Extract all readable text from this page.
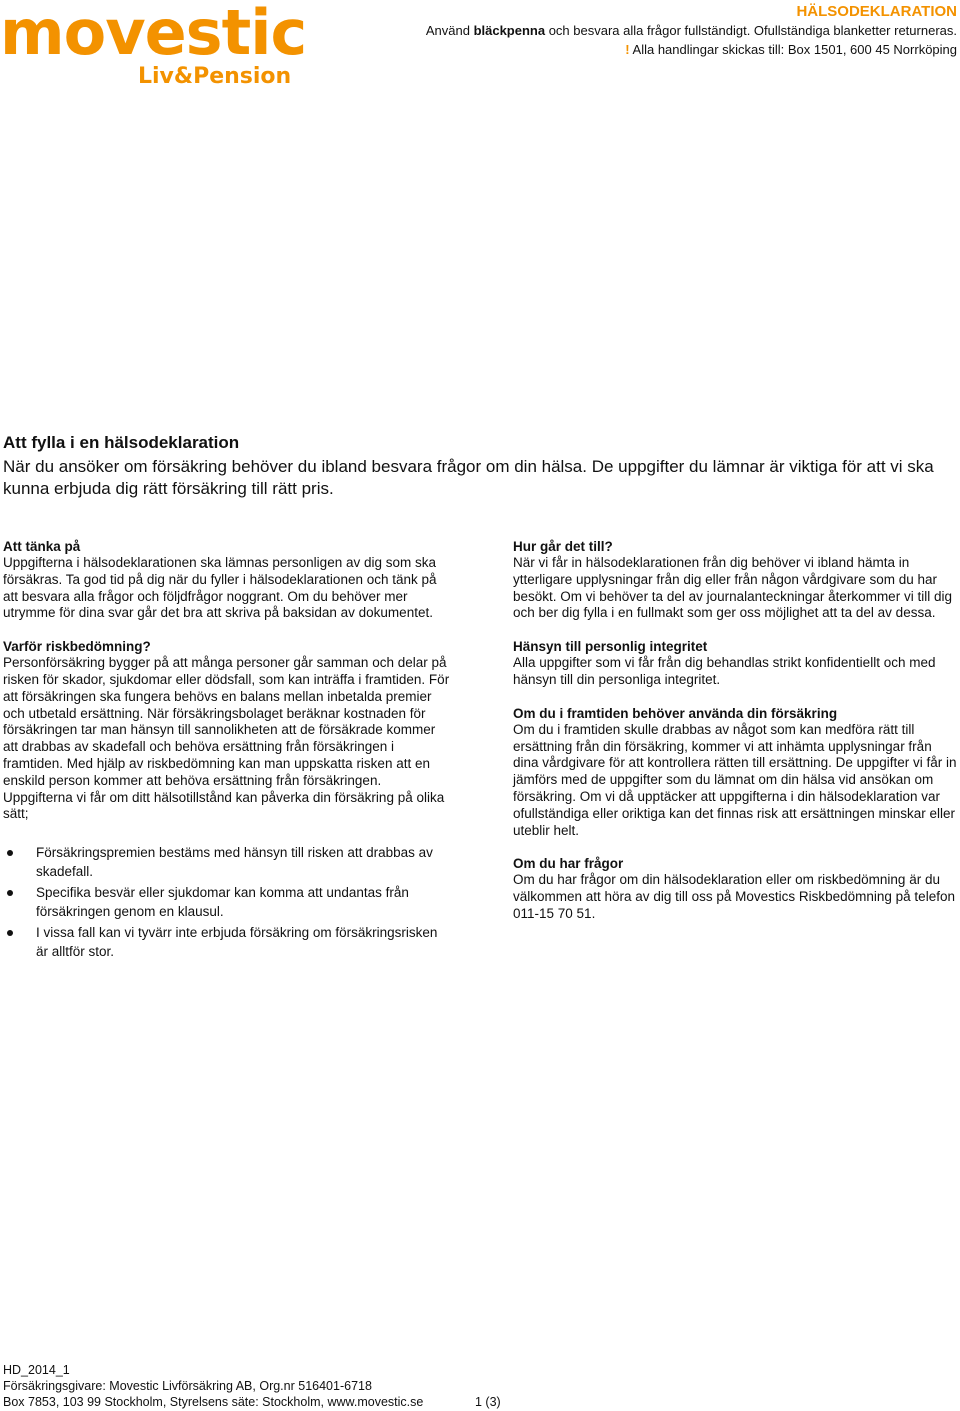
movestic
Liv&Pension
HÄLSODEKLARATION
Använd bläckpenna och besvara alla frågor fullständigt. Ofullständiga blanketter returneras.
! Alla handlingar skickas till: Box 1501, 600 45 Norrköping
Att fylla i en hälsodeklaration

När du ansöker om försäkring behöver du ibland besvara frågor om din hälsa. De uppgifter du lämnar är viktiga för att vi ska kunna erbjuda dig rätt försäkring till rätt pris.

Att tänka på

Uppgifterna i hälsodeklarationen ska lämnas personligen av dig som ska försäkras. Ta god tid på dig när du fyller i hälsodeklarationen och tänk på att besvara alla frågor och följdfrågor noggrant. Om du behöver mer utrymme för dina svar går det bra att skriva på baksidan av dokumentet.

Varför riskbedömning?

Personförsäkring bygger på att många personer går samman och delar på risken för skador, sjukdomar eller dödsfall, som kan inträffa i framtiden. För att försäkringen ska fungera behövs en balans mellan inbetalda premier och utbetald ersättning. När försäkringsbolaget beräknar kostnaden för försäkringen tar man hänsyn till sannolikheten att de försäkrade kommer att drabbas av skadefall och behöva ersättning från försäkringen i framtiden. Med hjälp av riskbedömning kan man uppskatta risken att en enskild person kommer att behöva ersättning från försäkringen.

Uppgifterna vi får om ditt hälsotillstånd kan påverka din försäkring på olika sätt;

Försäkringspremien bestäms med hänsyn till risken att drabbas av skadefall.
Specifika besvär eller sjukdomar kan komma att undantas från försäkringen genom en klausul.
I vissa fall kan vi tyvärr inte erbjuda försäkring om försäkringsrisken är alltför stor.
Hur går det till?

När vi får in hälsodeklarationen från dig behöver vi ibland hämta in ytterligare upplysningar från dig eller från någon vårdgivare som du har besökt. Om vi behöver ta del av journalanteckningar återkommer vi till dig och ber dig fylla i en fullmakt som ger oss möjlighet att ta del av dessa.

Hänsyn till personlig integritet

Alla uppgifter som vi får från dig behandlas strikt konfidentiellt och med hänsyn till din personliga integritet.

Om du i framtiden behöver använda din försäkring

Om du i framtiden skulle drabbas av något som kan medföra rätt till ersättning från din försäkring, kommer vi att inhämta upplysningar från dina vårdgivare för att kontrollera rätten till ersättning. De uppgifter vi får in jämförs med de uppgifter som du lämnat om din hälsa vid ansökan om försäkring. Om vi då upptäcker att uppgifterna i din hälsodeklaration var ofullständiga eller oriktiga kan det finnas risk att ersättningen minskar eller uteblir helt.

Om du har frågor

Om du har frågor om din hälsodeklaration eller om riskbedömning är du välkommen att höra av dig till oss på Movestics Riskbedömning på telefon 011-15 70 51.

HD_2014_1
Försäkringsgivare: Movestic Livförsäkring AB, Org.nr 516401-6718
Box 7853, 103 99 Stockholm, Styrelsens säte: Stockholm, www.movestic.se	1 (3)
